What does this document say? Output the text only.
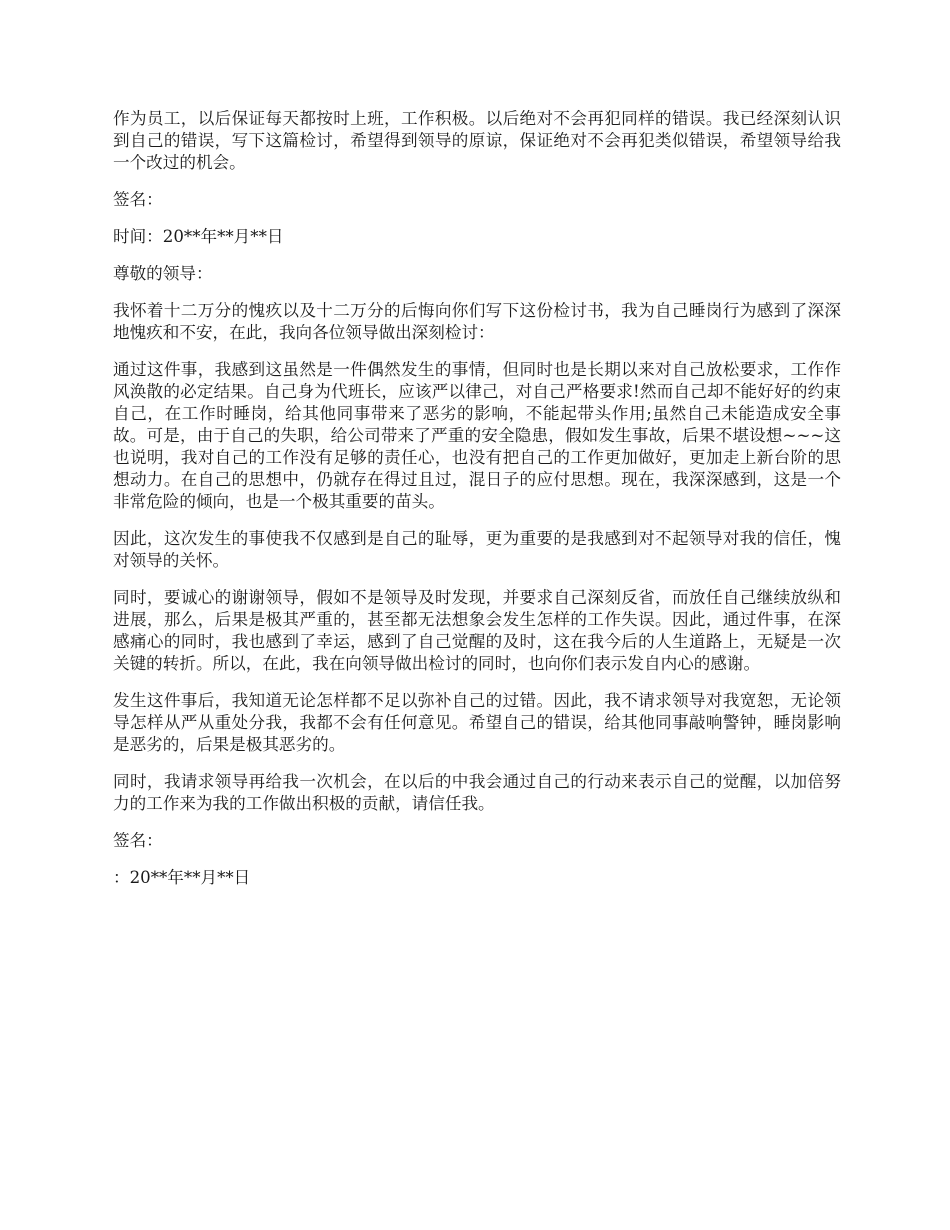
作为员工，以后保证每天都按时上班，工作积极。以后绝对不会再犯同样的错误。我已经深刻认识到自己的错误，写下这篇检讨，希望得到领导的原谅，保证绝对不会再犯类似错误，希望领导给我一个改过的机会。

签名：

时间：20**年**月**日

尊敬的领导：

我怀着十二万分的愧疚以及十二万分的后悔向你们写下这份检讨书，我为自己睡岗行为感到了深深地愧疚和不安，在此，我向各位领导做出深刻检讨：

通过这件事，我感到这虽然是一件偶然发生的事情，但同时也是长期以来对自己放松要求，工作作风涣散的必定结果。自己身为代班长，应该严以律己，对自己严格要求!然而自己却不能好好的约束自己，在工作时睡岗，给其他同事带来了恶劣的影响，不能起带头作用;虽然自己未能造成安全事故。可是，由于自己的失职，给公司带来了严重的安全隐患，假如发生事故，后果不堪设想~~~这也说明，我对自己的工作没有足够的责任心，也没有把自己的工作更加做好，更加走上新台阶的思想动力。在自己的思想中，仍就存在得过且过，混日子的应付思想。现在，我深深感到，这是一个非常危险的倾向，也是一个极其重要的苗头。

因此，这次发生的事使我不仅感到是自己的耻辱，更为重要的是我感到对不起领导对我的信任，愧对领导的关怀。

同时，要诚心的谢谢领导，假如不是领导及时发现，并要求自己深刻反省，而放任自己继续放纵和进展，那么，后果是极其严重的，甚至都无法想象会发生怎样的工作失误。因此，通过件事，在深感痛心的同时，我也感到了幸运，感到了自己觉醒的及时，这在我今后的人生道路上，无疑是一次关键的转折。所以，在此，我在向领导做出检讨的同时，也向你们表示发自内心的感谢。

发生这件事后，我知道无论怎样都不足以弥补自己的过错。因此，我不请求领导对我宽恕，无论领导怎样从严从重处分我，我都不会有任何意见。希望自己的错误，给其他同事敲响警钟，睡岗影响是恶劣的，后果是极其恶劣的。

同时，我请求领导再给我一次机会，在以后的中我会通过自己的行动来表示自己的觉醒，以加倍努力的工作来为我的工作做出积极的贡献，请信任我。

签名：

：20**年**月**日
